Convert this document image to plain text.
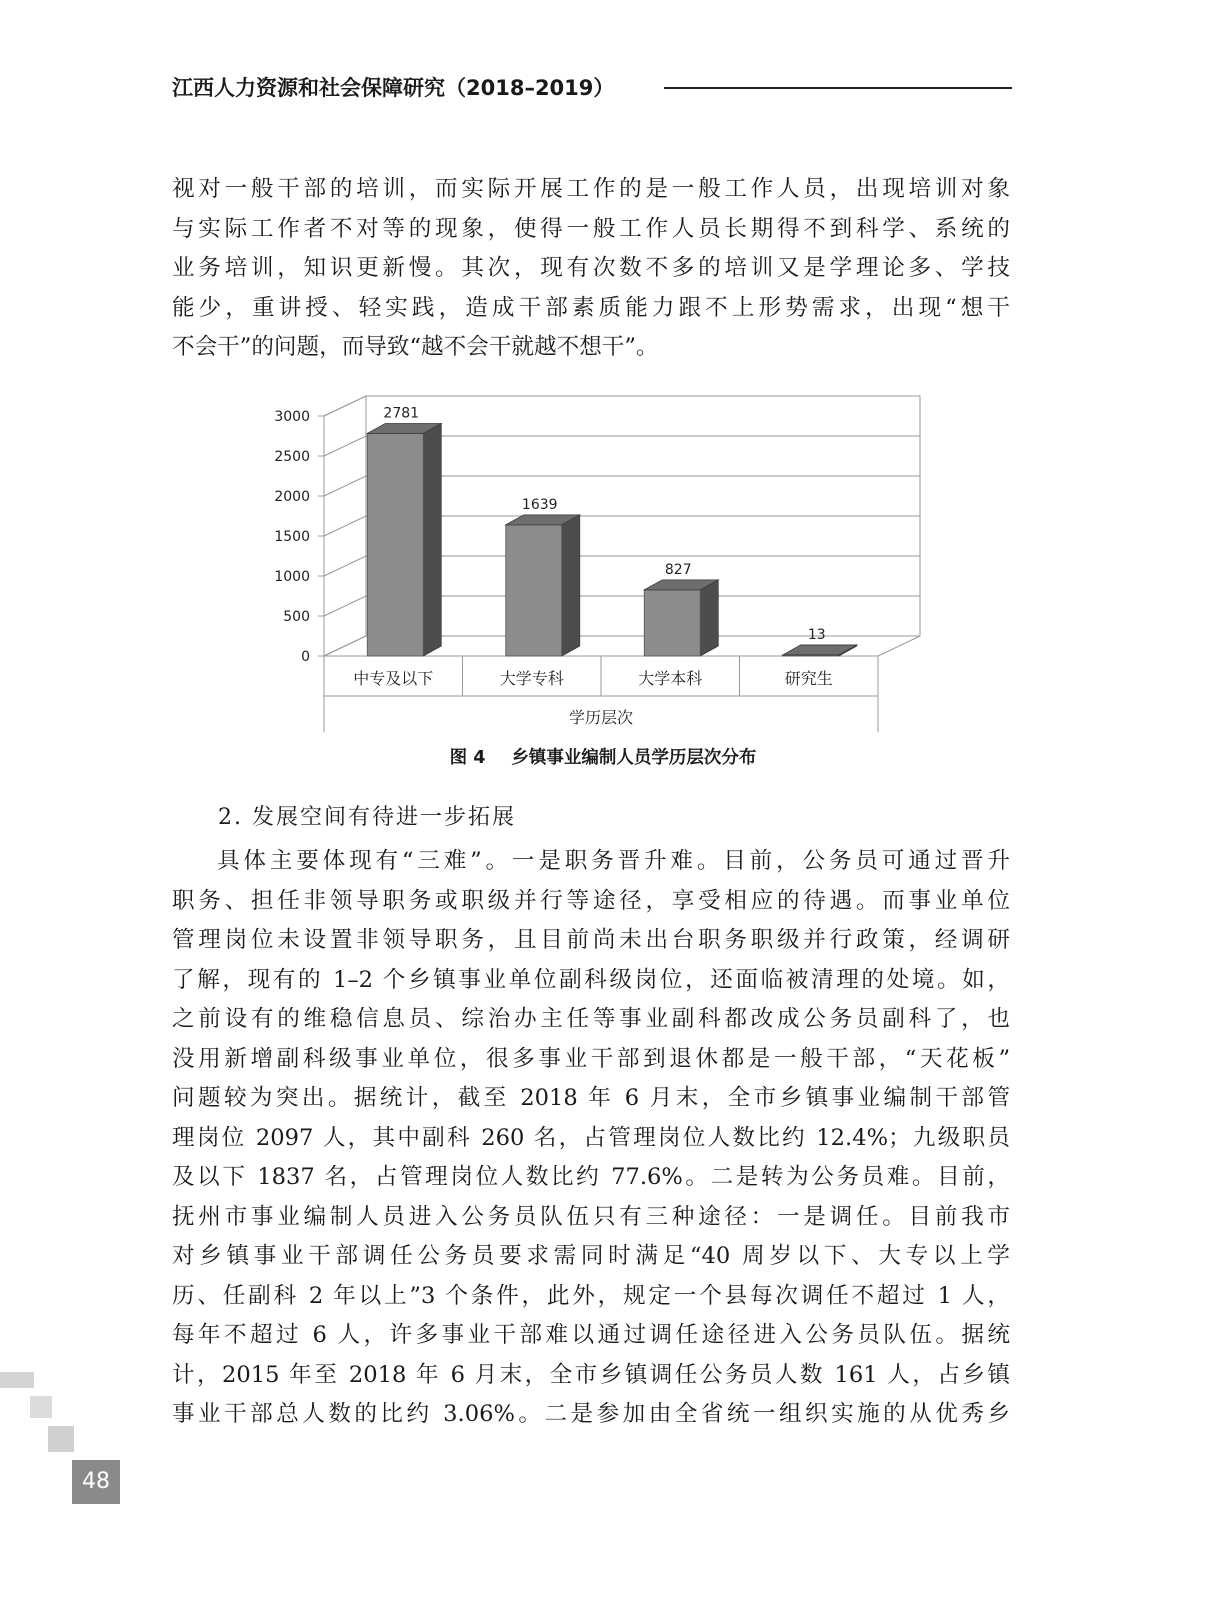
江西人力资源和社会保障研究（2018–2019）
视对一般干部的培训，而实际开展工作的是一般工作人员，出现培训对象
与实际工作者不对等的现象，使得一般工作人员长期得不到科学、系统的
业务培训，知识更新慢。其次，现有次数不多的培训又是学理论多、学技
能少，重讲授、轻实践，造成干部素质能力跟不上形势需求，出现“想干
不会干”的问题，而导致“越不会干就越不想干”。
0
500
1000
1500
2000
2500
3000	2781
1639
827
13
中专及以下	大学专科	大学本科	研究生
学历层次
图 4 乡镇事业编制人员学历层次分布
2. 发展空间有待进一步拓展
具体主要体现有“三难”。一是职务晋升难。目前，公务员可通过晋升
职务、担任非领导职务或职级并行等途径，享受相应的待遇。而事业单位
管理岗位未设置非领导职务，且目前尚未出台职务职级并行政策，经调研
了解，现有的 1–2 个乡镇事业单位副科级岗位，还面临被清理的处境。如，
之前设有的维稳信息员、综治办主任等事业副科都改成公务员副科了，也
没用新增副科级事业单位，很多事业干部到退休都是一般干部，“天花板”
问题较为突出。据统计，截至 2018 年 6 月末，全市乡镇事业编制干部管
理岗位 2097 人，其中副科 260 名，占管理岗位人数比约 12.4%；九级职员
及以下 1837 名，占管理岗位人数比约 77.6%。二是转为公务员难。目前，
抚州市事业编制人员进入公务员队伍只有三种途径：一是调任。目前我市
对乡镇事业干部调任公务员要求需同时满足“40 周岁以下、大专以上学
历、任副科 2 年以上”3 个条件，此外，规定一个县每次调任不超过 1 人，
每年不超过 6 人，许多事业干部难以通过调任途径进入公务员队伍。据统
计，2015 年至 2018 年 6 月末，全市乡镇调任公务员人数 161 人，占乡镇
事业干部总人数的比约 3.06%。二是参加由全省统一组织实施的从优秀乡
48
